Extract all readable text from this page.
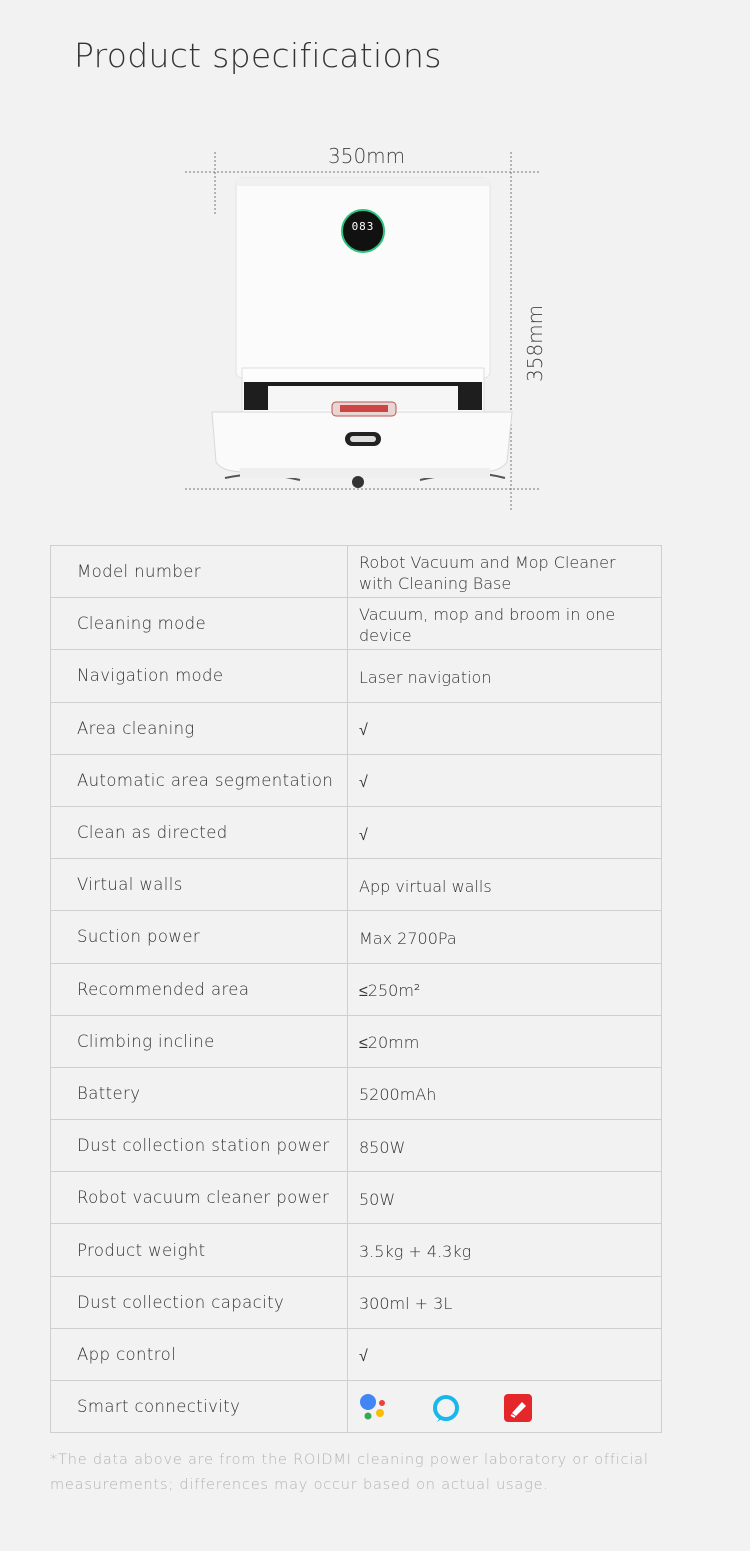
Product specifications
083
350mm
358mm
Model number	Robot Vacuum and Mop Cleaner
with Cleaning Base
Cleaning mode	Vacuum, mop and broom in one device
Navigation mode	Laser navigation
Area cleaning	√
Automatic area segmentation	√
Clean as directed	√
Virtual walls	App virtual walls
Suction power	Max 2700Pa
Recommended area	≤250m²
Climbing incline	≤20mm
Battery	5200mAh
Dust collection station power	850W
Robot vacuum cleaner power	50W
Product weight	3.5kg + 4.3kg
Dust collection capacity	300ml + 3L
App control	√
Smart connectivity	
*The data above are from the ROIDMI cleaning power laboratory or official measurements; differences may occur based on actual usage.
